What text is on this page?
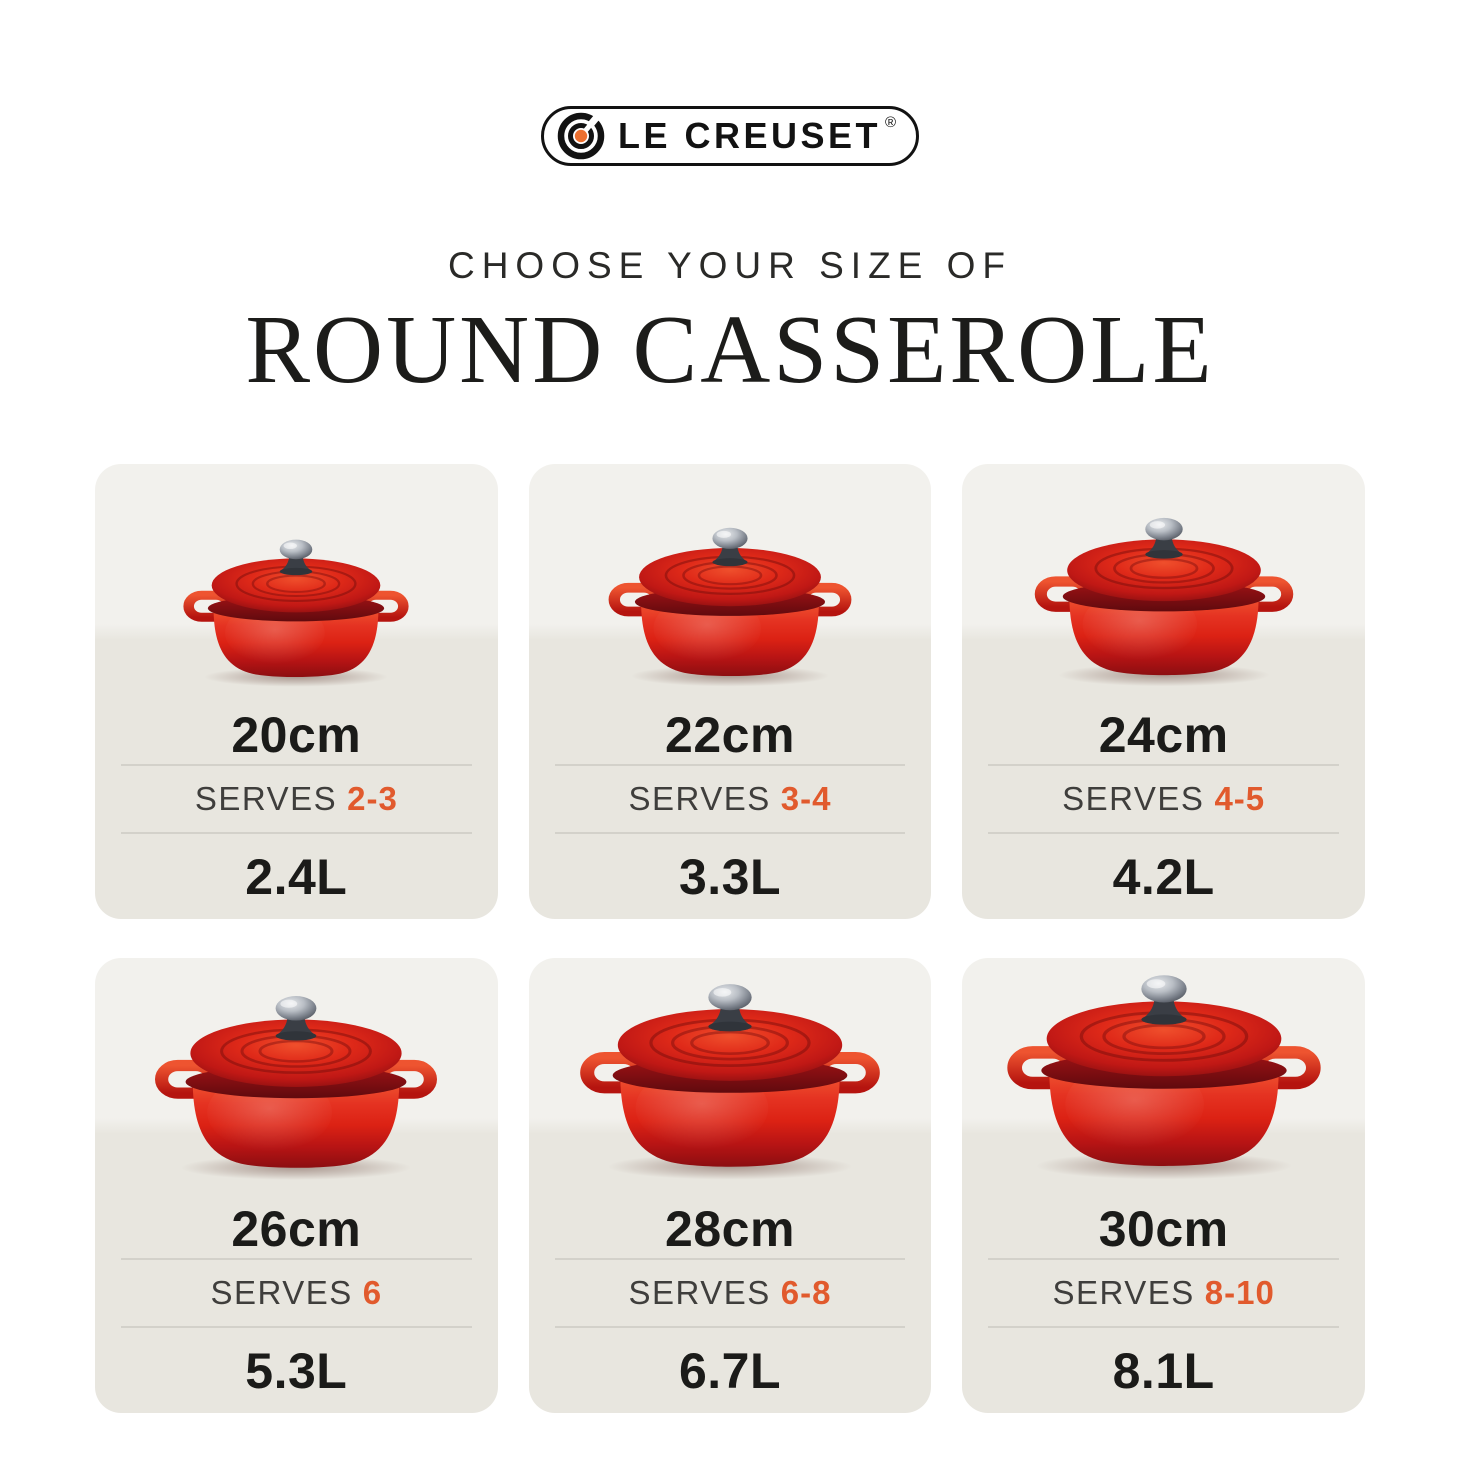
LE CREUSET ®
CHOOSE YOUR SIZE OF
ROUND CASSEROLE
20cm

SERVES 2-3

2.4L

22cm

SERVES 3-4

3.3L

24cm

SERVES 4-5

4.2L

26cm

SERVES 6

5.3L

28cm

SERVES 6-8

6.7L

30cm

SERVES 8-10

8.1L
